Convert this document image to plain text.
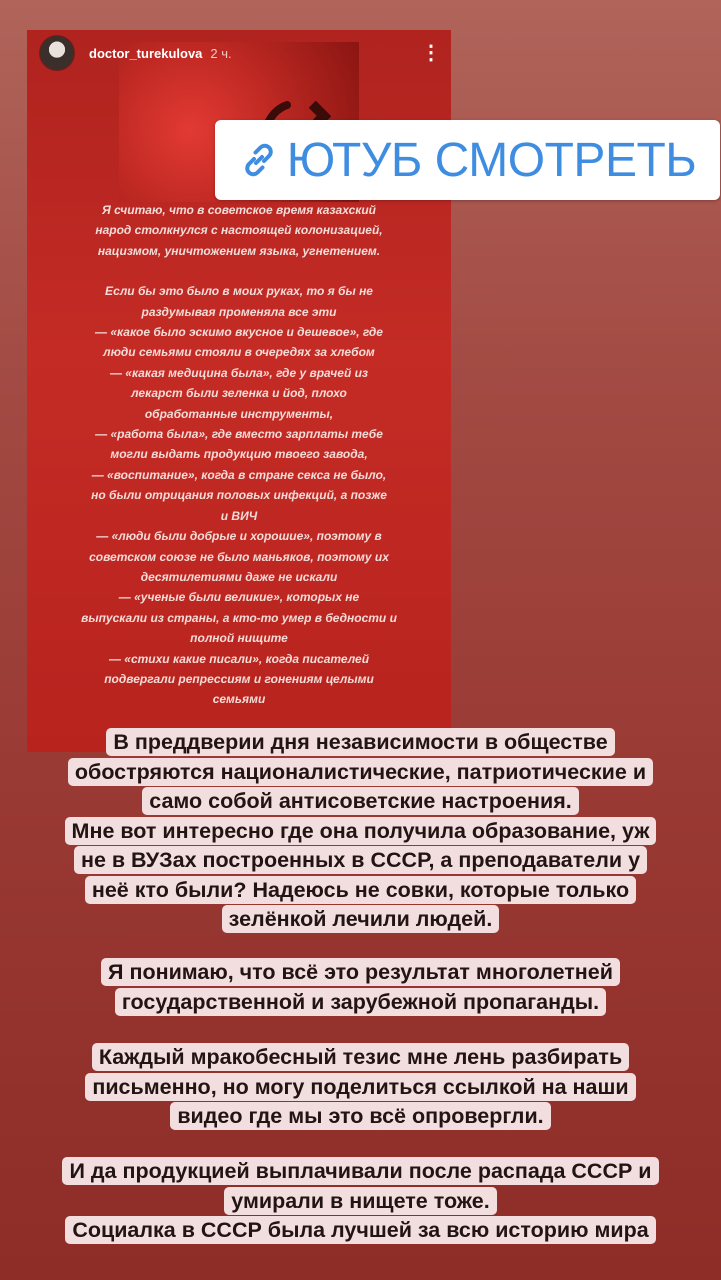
doctor_turekulova 2 ч.	⋮

Я считаю, что в советское время казахский
народ столкнулся с настоящей колонизацией,
нацизмом, уничтожением языка, угнетением.

Если бы это было в моих руках, то я бы не
раздумывая променяла все эти
— «какое было эскимо вкусное и дешевое», где
люди семьями стояли в очередях за хлебом
— «какая медицина была», где у врачей из
лекарст были зеленка и йод, плохо
обработанные инструменты,
— «работа была», где вместо зарплаты тебе
могли выдать продукцию твоего завода,
— «воспитание», когда в стране секса не было,
но были отрицания половых инфекций, а позже
и ВИЧ
— «люди были добрые и хорошие», поэтому в
советском союзе не было маньяков, поэтому их
десятилетиями даже не искали
— «ученые были великие», которых не
выпускали из страны, а кто-то умер в бедности и
полной нищите
— «стихи какие писали», когда писателей
подвергали репрессиям и гонениям целыми
семьями

ЮТУБ СМОТРЕТЬ
В преддверии дня независимости в обществе
обостряются националистические, патриотические и
само собой антисоветские настроения.
Мне вот интересно где она получила образование, уж
не в ВУЗах построенных в СССР, а преподаватели у
неё кто были? Надеюсь не совки, которые только
зелёнкой лечили людей.
Я понимаю, что всё это результат многолетней
государственной и зарубежной пропаганды.
Каждый мракобесный тезис мне лень разбирать
письменно, но могу поделиться ссылкой на наши
видео где мы это всё опровергли.
И да продукцией выплачивали после распада СССР и
умирали в нищете тоже.
Социалка в СССР была лучшей за всю историю мира
